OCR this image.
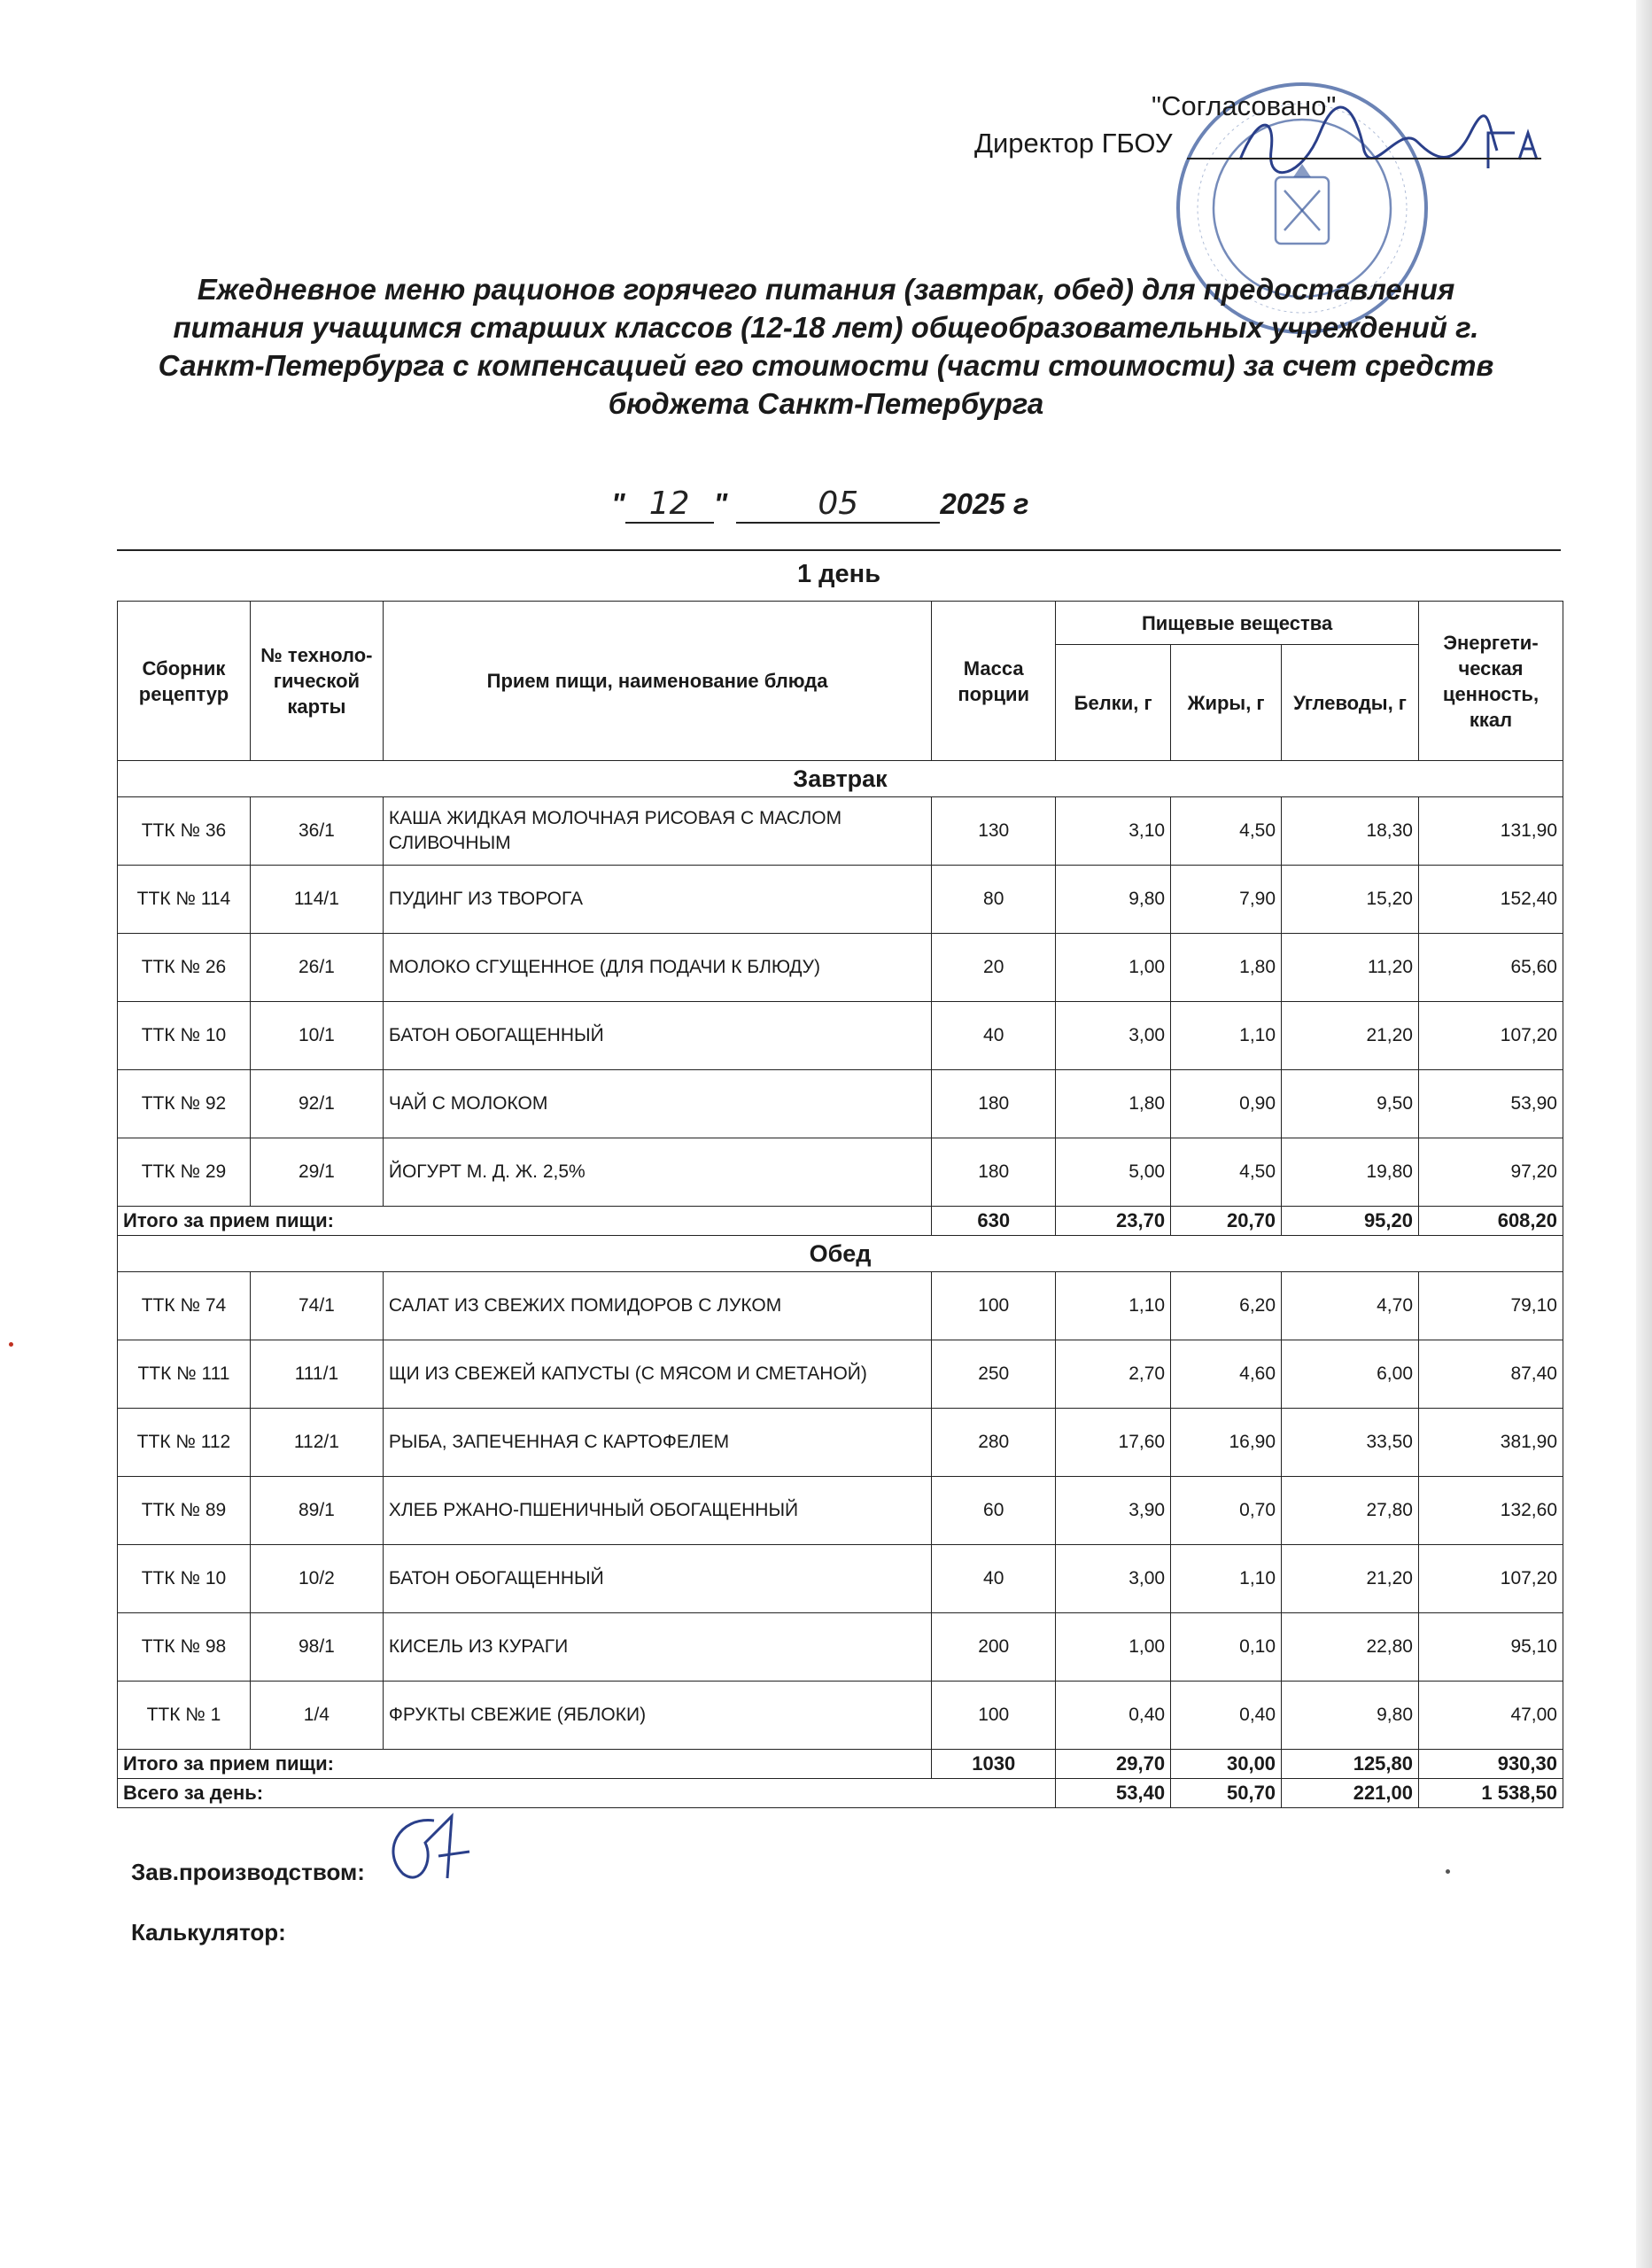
"Согласовано"
Директор ГБОУ
Ежедневное меню рационов горячего питания (завтрак, обед) для предоставления питания учащимся старших классов (12-18 лет) общеобразовательных учреждений г. Санкт-Петербурга с компенсацией его стоимости (части стоимости) за счет средств бюджета Санкт-Петербурга
" 12 "	05	2025 г
1 день
Сборник рецептур	№ техноло-гической карты	Прием пищи, наименование блюда	Масса порции	Пищевые вещества			Энергети-ческая ценность, ккал
				Белки, г	Жиры, г	Углеводы, г	
Завтрак							
ТТК № 36	36/1	КАША ЖИДКАЯ МОЛОЧНАЯ РИСОВАЯ С МАСЛОМ СЛИВОЧНЫМ	130	3,10	4,50	18,30	131,90
ТТК № 114	114/1	ПУДИНГ ИЗ ТВОРОГА	80	9,80	7,90	15,20	152,40
ТТК № 26	26/1	МОЛОКО СГУЩЕННОЕ (ДЛЯ ПОДАЧИ К БЛЮДУ)	20	1,00	1,80	11,20	65,60
ТТК № 10	10/1	БАТОН ОБОГАЩЕННЫЙ	40	3,00	1,10	21,20	107,20
ТТК № 92	92/1	ЧАЙ С МОЛОКОМ	180	1,80	0,90	9,50	53,90
ТТК № 29	29/1	ЙОГУРТ М. Д. Ж. 2,5%	180	5,00	4,50	19,80	97,20
Итого за прием пищи:			630	23,70	20,70	95,20	608,20
Обед							
ТТК № 74	74/1	САЛАТ ИЗ СВЕЖИХ ПОМИДОРОВ С ЛУКОМ	100	1,10	6,20	4,70	79,10
ТТК № 111	111/1	ЩИ ИЗ СВЕЖЕЙ КАПУСТЫ (С МЯСОМ И СМЕТАНОЙ)	250	2,70	4,60	6,00	87,40
ТТК № 112	112/1	РЫБА, ЗАПЕЧЕННАЯ С КАРТОФЕЛЕМ	280	17,60	16,90	33,50	381,90
ТТК № 89	89/1	ХЛЕБ РЖАНО-ПШЕНИЧНЫЙ ОБОГАЩЕННЫЙ	60	3,90	0,70	27,80	132,60
ТТК № 10	10/2	БАТОН ОБОГАЩЕННЫЙ	40	3,00	1,10	21,20	107,20
ТТК № 98	98/1	КИСЕЛЬ ИЗ КУРАГИ	200	1,00	0,10	22,80	95,10
ТТК № 1	1/4	ФРУКТЫ СВЕЖИЕ (ЯБЛОКИ)	100	0,40	0,40	9,80	47,00
Итого за прием пищи:			1030	29,70	30,00	125,80	930,30
Всего за день:				53,40	50,70	221,00	1 538,50
Зав.производством:
Калькулятор:
